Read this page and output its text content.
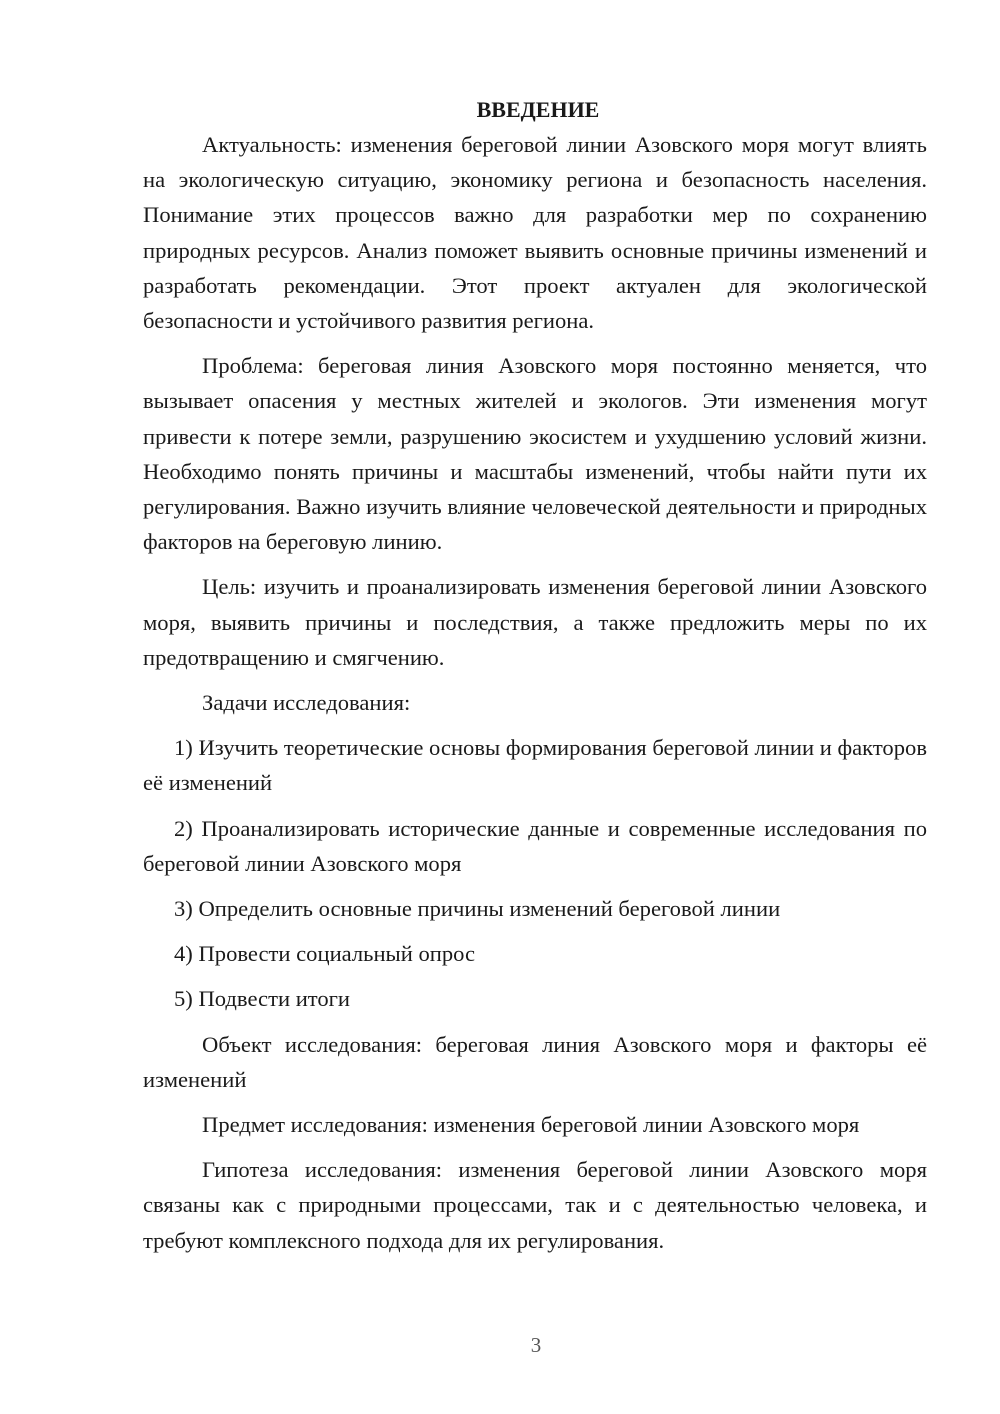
ВВЕДЕНИЕ

Актуальность: изменения береговой линии Азовского моря могут влиять на экологическую ситуацию, экономику региона и безопасность населения. Понимание этих процессов важно для разработки мер по сохранению природных ресурсов. Анализ поможет выявить основные причины изменений и разработать рекомендации. Этот проект актуален для экологической безопасности и устойчивого развития региона.

Проблема: береговая линия Азовского моря постоянно меняется, что вызывает опасения у местных жителей и экологов. Эти изменения могут привести к потере земли, разрушению экосистем и ухудшению условий жизни. Необходимо понять причины и масштабы изменений, чтобы найти пути их регулирования. Важно изучить влияние человеческой деятельности и природных факторов на береговую линию.

Цель: изучить и проанализировать изменения береговой линии Азовского моря, выявить причины и последствия, а также предложить меры по их предотвращению и смягчению.

Задачи исследования:

1) Изучить теоретические основы формирования береговой линии и факторов её изменений

2) Проанализировать исторические данные и современные исследования по береговой линии Азовского моря

3) Определить основные причины изменений береговой линии

4) Провести социальный опрос

5) Подвести итоги

Объект исследования: береговая линия Азовского моря и факторы её изменений

Предмет исследования: изменения береговой линии Азовского моря

Гипотеза исследования: изменения береговой линии Азовского моря связаны как с природными процессами, так и с деятельностью человека, и требуют комплексного подхода для их регулирования.

3
